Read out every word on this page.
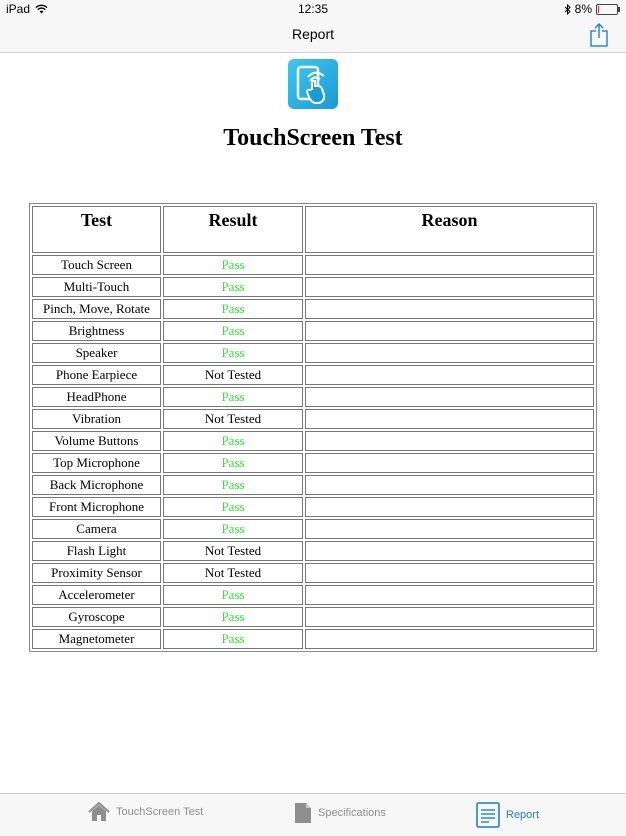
iPad	12:35	8%
Report
TouchScreen Test
Test	Result	Reason
Touch Screen	Pass	
Multi-Touch	Pass	
Pinch, Move, Rotate	Pass	
Brightness	Pass	
Speaker	Pass	
Phone Earpiece	Not Tested	
HeadPhone	Pass	
Vibration	Not Tested	
Volume Buttons	Pass	
Top Microphone	Pass	
Back Microphone	Pass	
Front Microphone	Pass	
Camera	Pass	
Flash Light	Not Tested	
Proximity Sensor	Not Tested	
Accelerometer	Pass	
Gyroscope	Pass	
Magnetometer	Pass	
TouchScreen Test	Specifications	Report
